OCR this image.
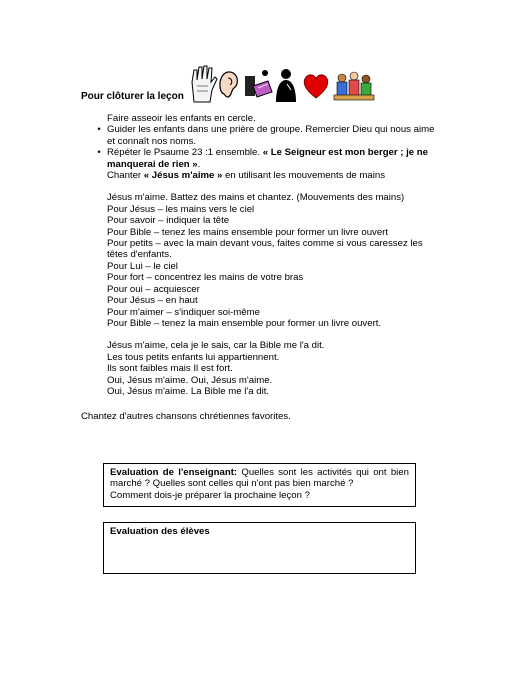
Pour clôturer la leçon
Faire asseoir les enfants en cercle.
• Guider les enfants dans une prière de groupe. Remercier Dieu qui nous aime et connaît nos noms.
• Répéter le Psaume 23 :1 ensemble. « Le Seigneur est mon berger ; je ne manquerai de rien ».
Chanter « Jésus m'aime » en utilisant les mouvements de mains
Jésus m'aime. Battez des mains et chantez. (Mouvements des mains)
Pour Jésus – les mains vers le ciel
Pour savoir – indiquer la tête
Pour Bible – tenez les mains ensemble pour former un livre ouvert
Pour petits – avec la main devant vous, faites comme si vous caressez les têtes d'enfants.
Pour Lui – le ciel
Pour fort – concentrez les mains de votre bras
Pour oui – acquiescer
Pour Jésus – en haut
Pour m'aimer – s'indiquer soi-même
Pour Bible – tenez la main ensemble pour former un livre ouvert.
Jésus m'aime, cela je le sais, car la Bible me l'a dit.
Les tous petits enfants lui appartiennent.
Ils sont faibles mais Il est fort.
Oui, Jésus m'aime. Oui, Jésus m'aime.
Oui, Jésus m'aime. La Bible me l'a dit.
Chantez d'autres chansons chrétiennes favorites.

Evaluation de l'enseignant: Quelles sont les activités qui ont bien marché ? Quelles sont celles qui n'ont pas bien marché ?

Comment dois-je préparer la prochaine leçon ?

Evaluation des élèves
